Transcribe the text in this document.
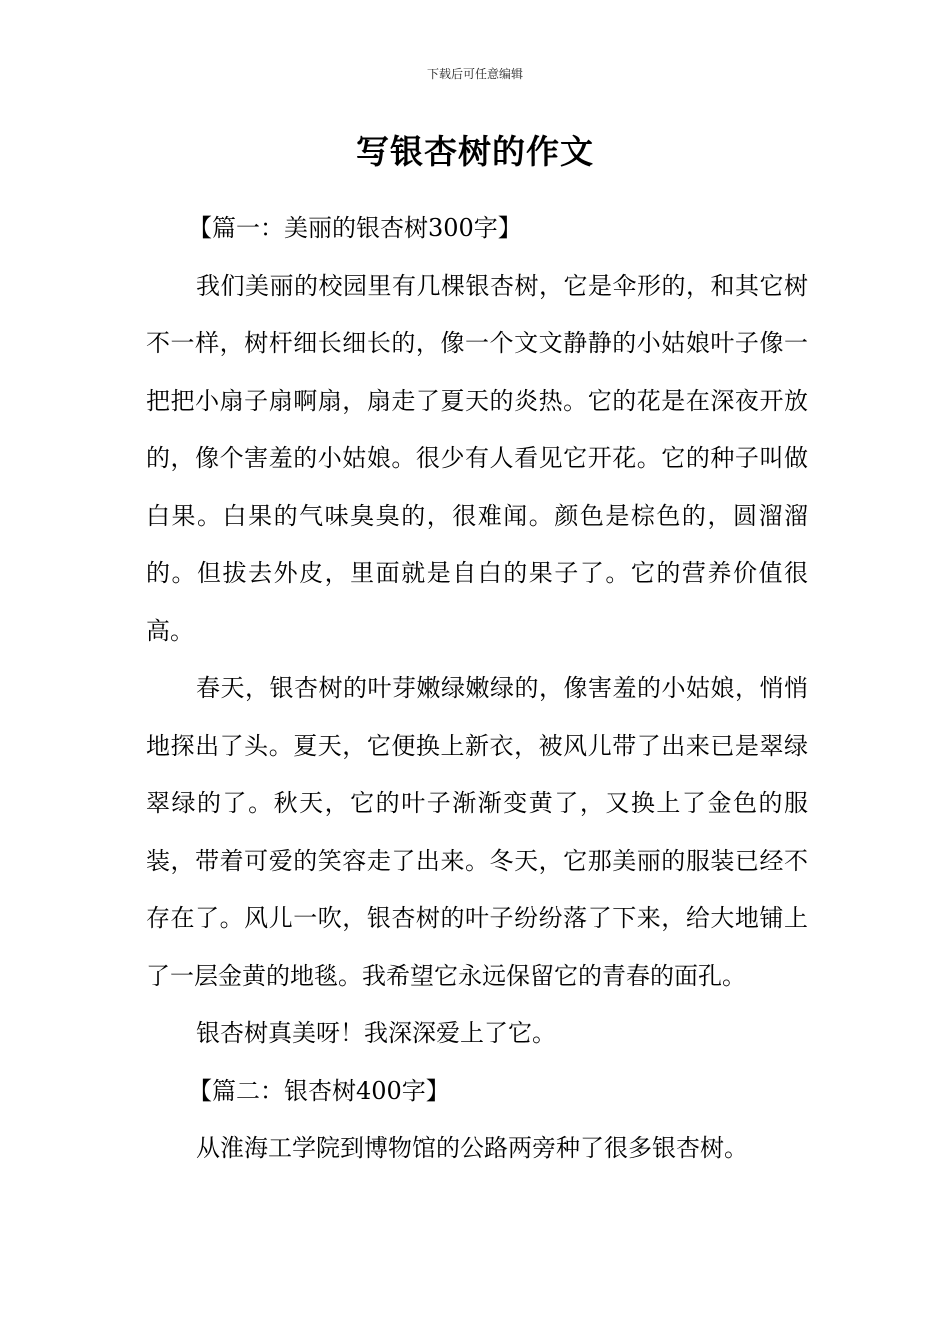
下载后可任意编辑
写银杏树的作文

【篇一：美丽的银杏树300字】

我们美丽的校园里有几棵银杏树，它是伞形的，和其它树不一样，树杆细长细长的，像一个文文静静的小姑娘叶子像一把把小扇子扇啊扇，扇走了夏天的炎热。它的花是在深夜开放的，像个害羞的小姑娘。很少有人看见它开花。它的种子叫做白果。白果的气味臭臭的，很难闻。颜色是棕色的，圆溜溜的。但拔去外皮，里面就是自白的果子了。它的营养价值很高。

春天，银杏树的叶芽嫩绿嫩绿的，像害羞的小姑娘，悄悄地探出了头。夏天，它便换上新衣，被风儿带了出来已是翠绿翠绿的了。秋天，它的叶子渐渐变黄了，又换上了金色的服装，带着可爱的笑容走了出来。冬天，它那美丽的服装已经不存在了。风儿一吹，银杏树的叶子纷纷落了下来，给大地铺上了一层金黄的地毯。我希望它永远保留它的青春的面孔。

银杏树真美呀！我深深爱上了它。

【篇二：银杏树400字】

从淮海工学院到博物馆的公路两旁种了很多银杏树。
